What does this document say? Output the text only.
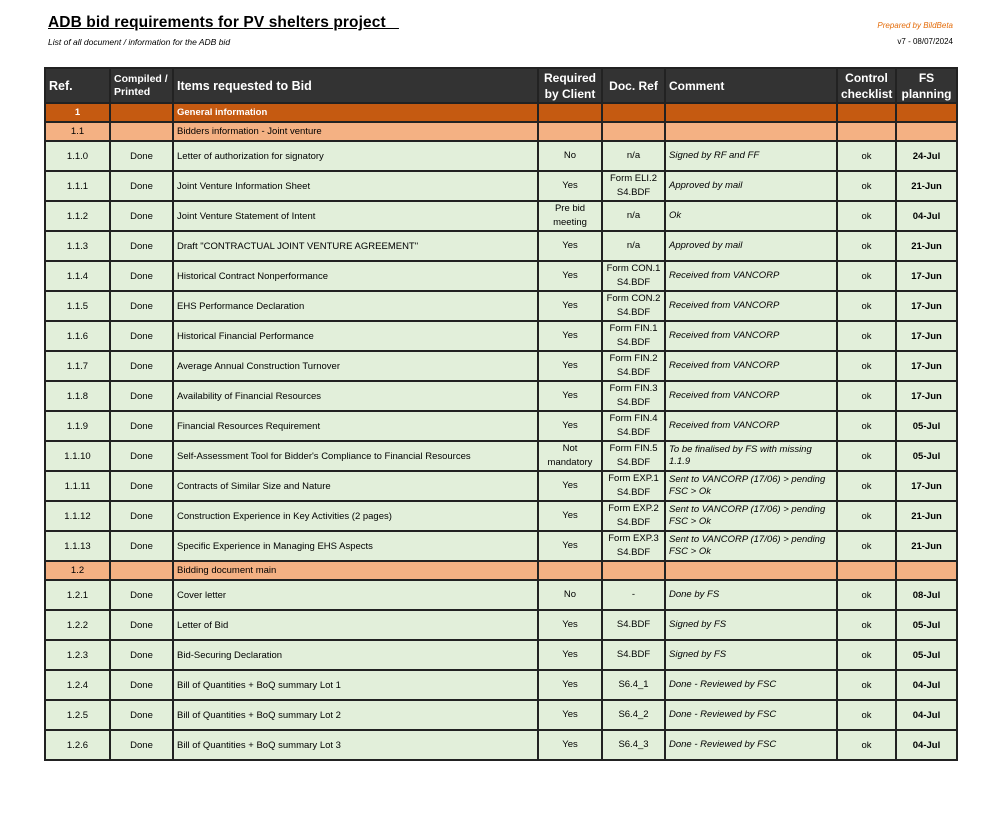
ADB bid requirements for PV shelters project
List of all document / information for the ADB bid
Prepared by BildBeta
v7 - 08/07/2024
Ref.	Compiled / Printed	Items requested to Bid	Required by Client	Doc. Ref	Comment	Control checklist	FS planning
1		General information					
1.1		Bidders information - Joint venture					
1.1.0	Done	Letter of authorization for signatory	No	n/a	Signed by RF and FF	ok	24-Jul
1.1.1	Done	Joint Venture Information Sheet	Yes	Form ELI.2 S4.BDF	Approved by mail	ok	21-Jun
1.1.2	Done	Joint Venture Statement of Intent	Pre bid meeting	n/a	Ok	ok	04-Jul
1.1.3	Done	Draft "CONTRACTUAL JOINT VENTURE AGREEMENT"	Yes	n/a	Approved by mail	ok	21-Jun
1.1.4	Done	Historical Contract Nonperformance	Yes	Form CON.1 S4.BDF	Received from VANCORP	ok	17-Jun
1.1.5	Done	EHS Performance Declaration	Yes	Form CON.2 S4.BDF	Received from VANCORP	ok	17-Jun
1.1.6	Done	Historical Financial Performance	Yes	Form FIN.1 S4.BDF	Received from VANCORP	ok	17-Jun
1.1.7	Done	Average Annual Construction Turnover	Yes	Form FIN.2 S4.BDF	Received from VANCORP	ok	17-Jun
1.1.8	Done	Availability of Financial Resources	Yes	Form FIN.3 S4.BDF	Received from VANCORP	ok	17-Jun
1.1.9	Done	Financial Resources Requirement	Yes	Form FIN.4 S4.BDF	Received from VANCORP	ok	05-Jul
1.1.10	Done	Self-Assessment Tool for Bidder's Compliance to Financial Resources	Not mandatory	Form FIN.5 S4.BDF	To be finalised by FS with missing 1.1.9	ok	05-Jul
1.1.11	Done	Contracts of Similar Size and Nature	Yes	Form EXP.1 S4.BDF	Sent to VANCORP (17/06) > pending FSC > Ok	ok	17-Jun
1.1.12	Done	Construction Experience in Key Activities (2 pages)	Yes	Form EXP.2 S4.BDF	Sent to VANCORP (17/06) > pending FSC > Ok	ok	21-Jun
1.1.13	Done	Specific Experience in Managing EHS Aspects	Yes	Form EXP.3 S4.BDF	Sent to VANCORP (17/06) > pending FSC > Ok	ok	21-Jun
1.2		Bidding document main					
1.2.1	Done	Cover letter	No	-	Done by FS	ok	08-Jul
1.2.2	Done	Letter of Bid	Yes	S4.BDF	Signed by FS	ok	05-Jul
1.2.3	Done	Bid-Securing Declaration	Yes	S4.BDF	Signed by FS	ok	05-Jul
1.2.4	Done	Bill of Quantities + BoQ summary Lot 1	Yes	S6.4_1	Done - Reviewed by FSC	ok	04-Jul
1.2.5	Done	Bill of Quantities + BoQ summary Lot 2	Yes	S6.4_2	Done - Reviewed by FSC	ok	04-Jul
1.2.6	Done	Bill of Quantities + BoQ summary Lot 3	Yes	S6.4_3	Done - Reviewed by FSC	ok	04-Jul
